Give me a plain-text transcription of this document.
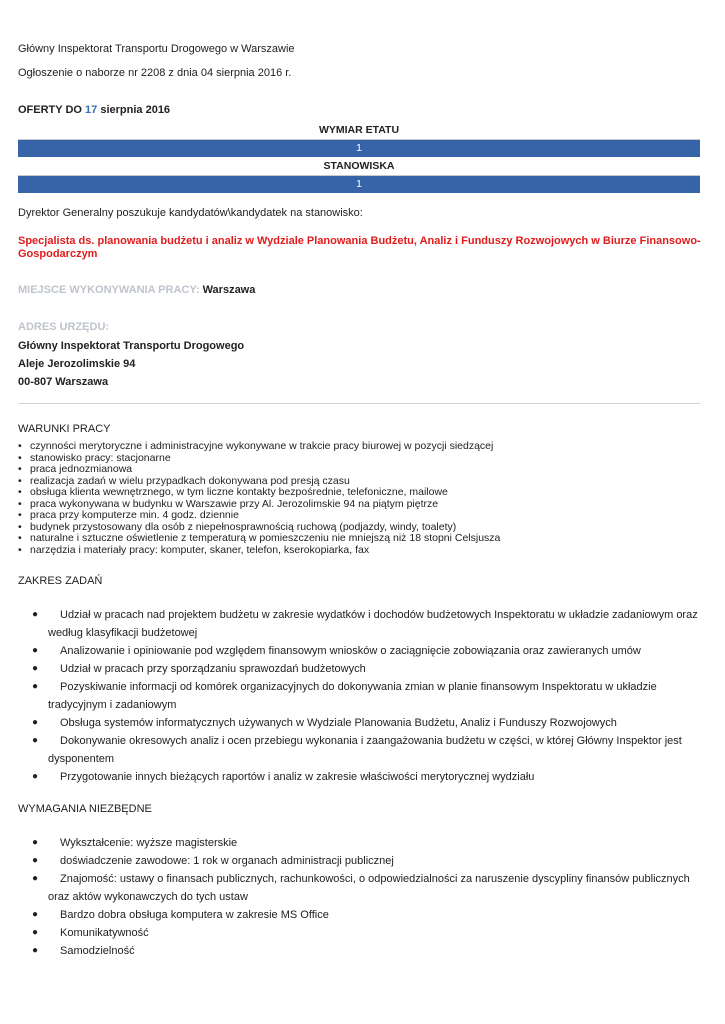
Główny Inspektorat Transportu Drogowego w Warszawie

Ogłoszenie o naborze nr 2208 z dnia 04 sierpnia 2016 r.

OFERTY DO 17 sierpnia 2016

WYMIAR ETATU
1
STANOWISKA
1

Dyrektor Generalny poszukuje kandydatów\kandydatek na stanowisko:

Specjalista ds. planowania budżetu i analiz w Wydziale Planowania Budżetu, Analiz i Funduszy Rozwojowych w Biurze Finansowo-Gospodarczym

MIEJSCE WYKONYWANIA PRACY: Warszawa

ADRES URZĘDU:
Główny Inspektorat Transportu Drogowego
Aleje Jerozolimskie 94
00-807 Warszawa
WARUNKI PRACY
• czynności merytoryczne i administracyjne wykonywane w trakcie pracy biurowej w pozycji siedzącej
• stanowisko pracy: stacjonarne
• praca jednozmianowa
• realizacja zadań w wielu przypadkach dokonywana pod presją czasu
• obsługa klienta wewnętrznego, w tym liczne kontakty bezpośrednie, telefoniczne, mailowe
• praca wykonywana w budynku w Warszawie przy Al. Jerozolimskie 94 na piątym piętrze
• praca przy komputerze min. 4 godz. dziennie
• budynek przystosowany dla osób z niepełnosprawnością ruchową (podjazdy, windy, toalety)
• naturalne i sztuczne oświetlenie z temperaturą w pomieszczeniu nie mniejszą niż 18 stopni Celsjusza
• narzędzia i materiały pracy: komputer, skaner, telefon, kserokopiarka, fax
ZAKRES ZADAŃ
● Udział w pracach nad projektem budżetu w zakresie wydatków i dochodów budżetowych Inspektoratu w układzie zadaniowym oraz
według klasyfikacji budżetowej
● Analizowanie i opiniowanie pod względem finansowym wniosków o zaciągnięcie zobowiązania oraz zawieranych umów
● Udział w pracach przy sporządzaniu sprawozdań budżetowych
● Pozyskiwanie informacji od komórek organizacyjnych do dokonywania zmian w planie finansowym Inspektoratu w układzie
tradycyjnym i zadaniowym
● Obsługa systemów informatycznych używanych w Wydziale Planowania Budżetu, Analiz i Funduszy Rozwojowych
● Dokonywanie okresowych analiz i ocen przebiegu wykonania i zaangażowania budżetu w części, w której Główny Inspektor jest
dysponentem
● Przygotowanie innych bieżących raportów i analiz w zakresie właściwości merytorycznej wydziału
WYMAGANIA NIEZBĘDNE
● Wykształcenie: wyższe magisterskie
● doświadczenie zawodowe: 1 rok w organach administracji publicznej
● Znajomość: ustawy o finansach publicznych, rachunkowości, o odpowiedzialności za naruszenie dyscypliny finansów publicznych
oraz aktów wykonawczych do tych ustaw
● Bardzo dobra obsługa komputera w zakresie MS Office
● Komunikatywność
● Samodzielność
